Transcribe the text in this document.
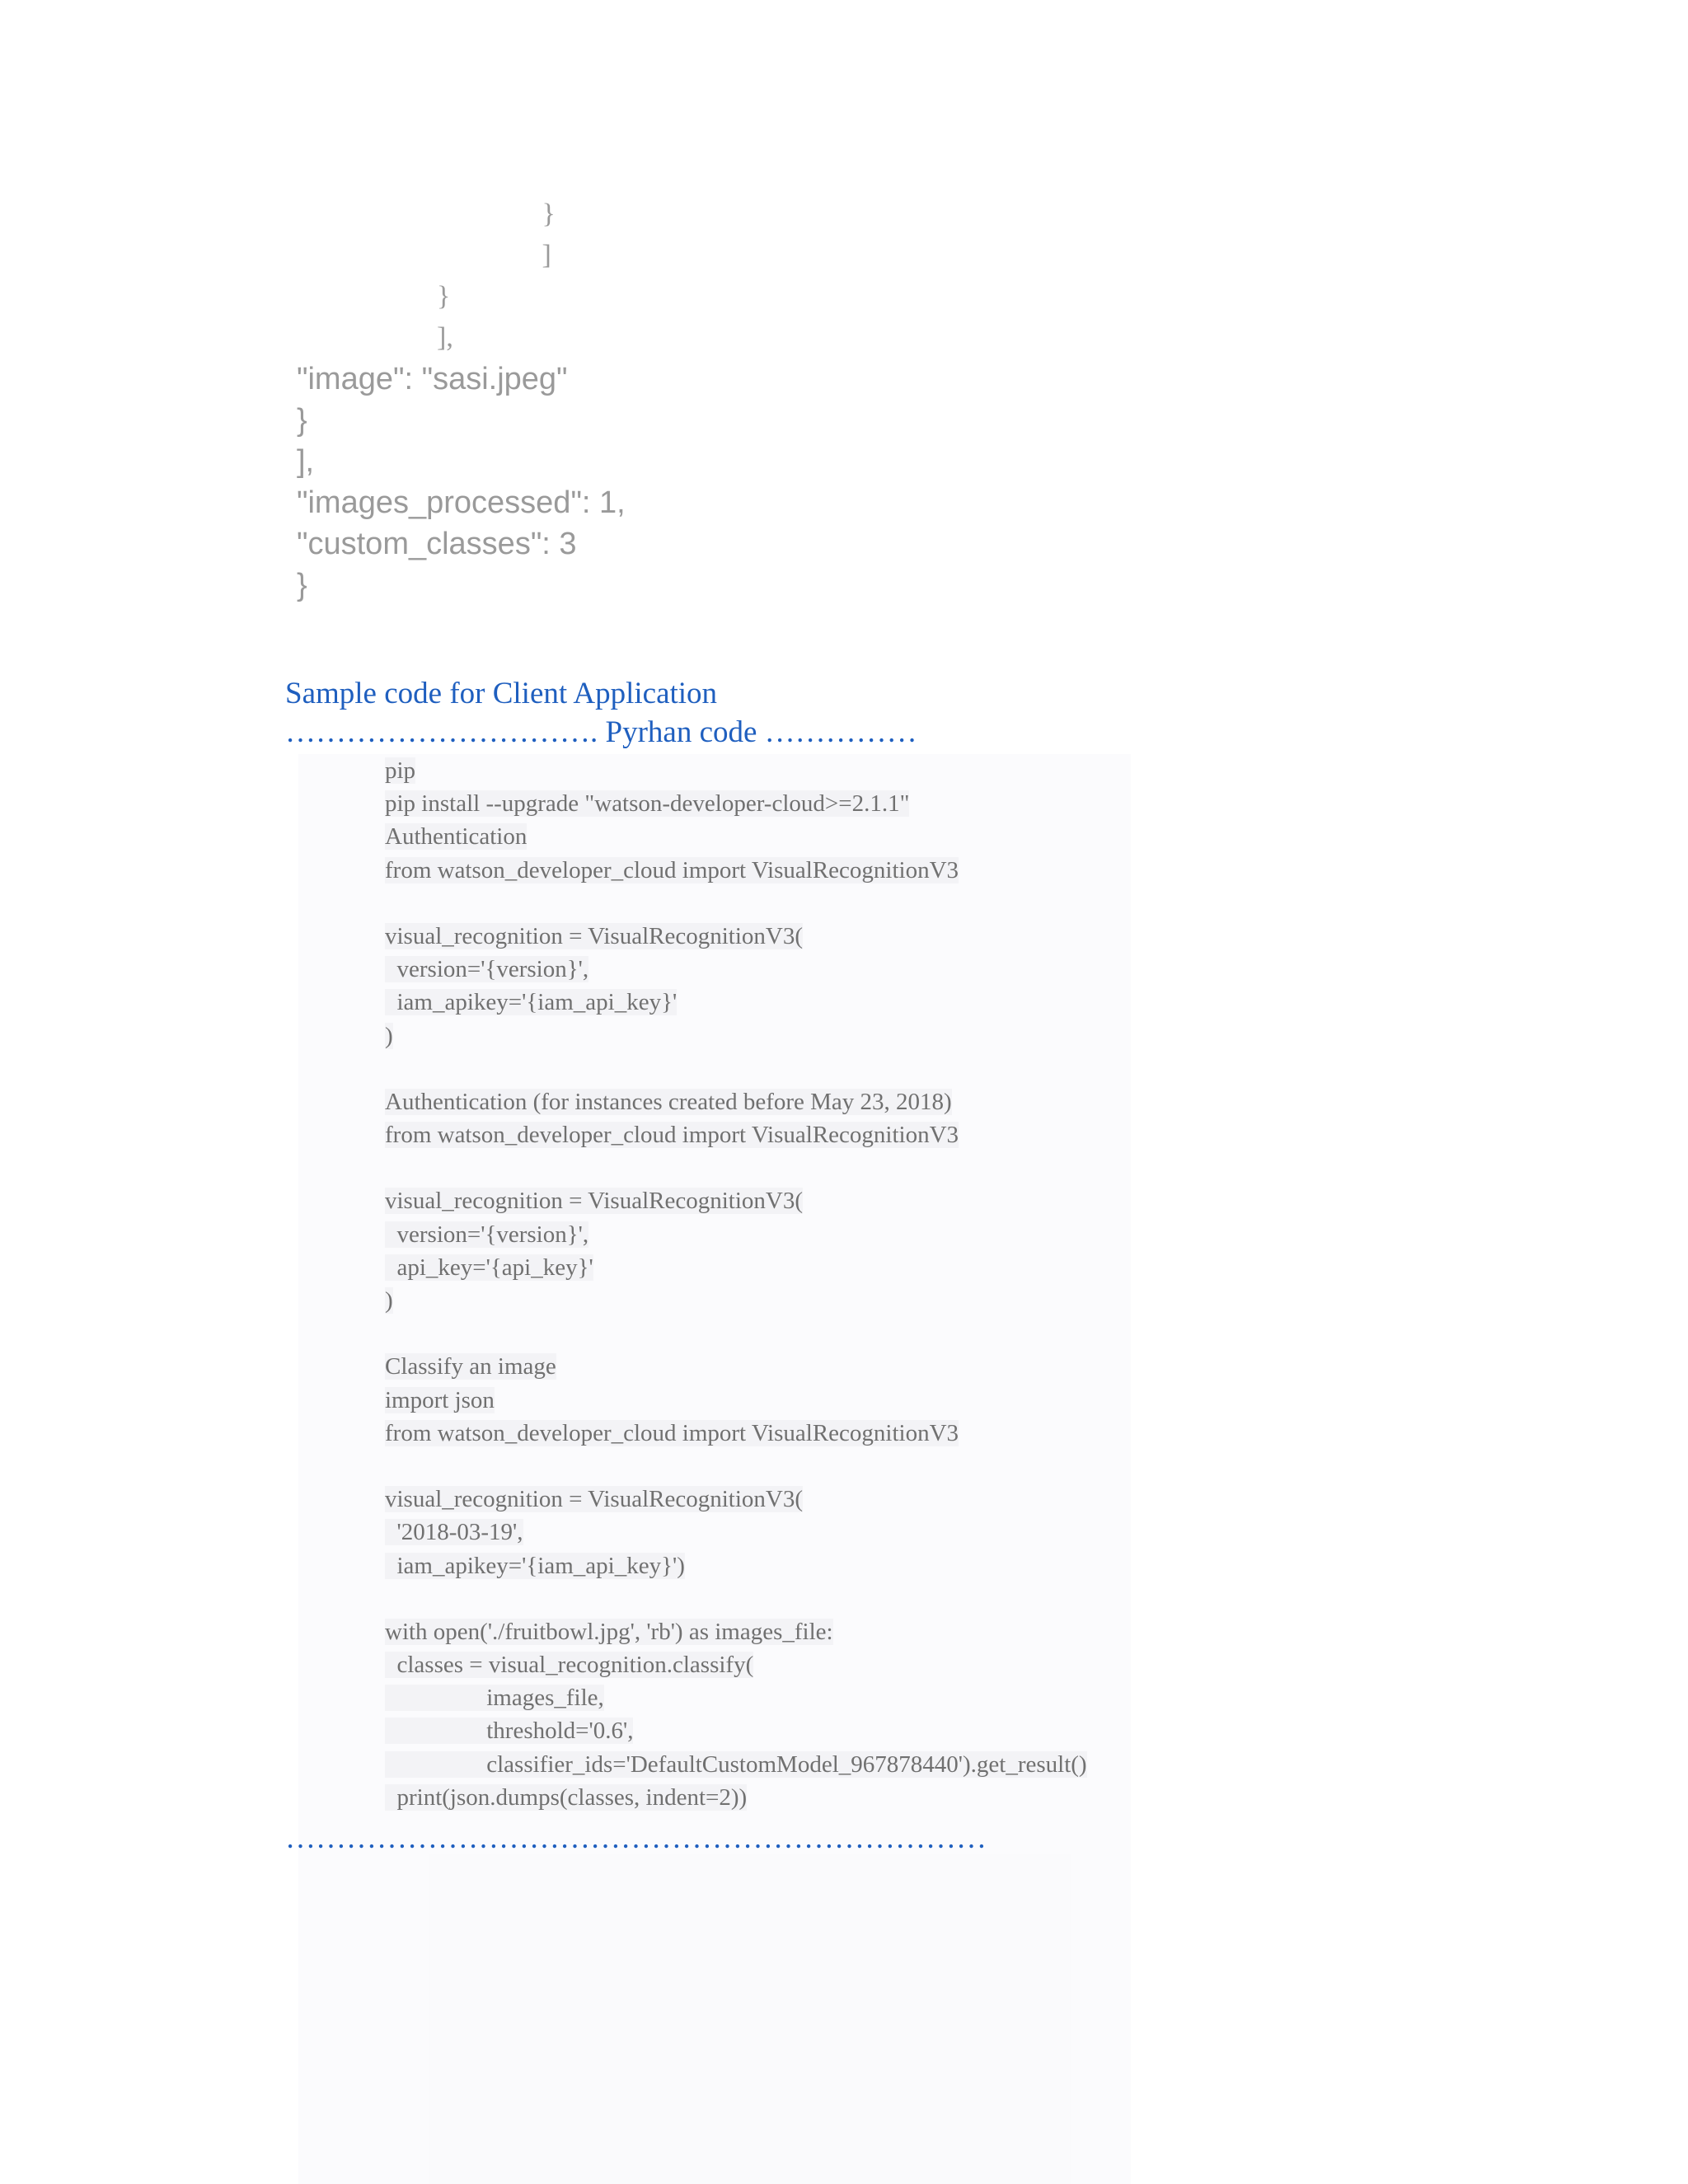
}
]
}
],
"image": "sasi.jpeg"
}
],
"images_processed": 1,
"custom_classes": 3
}
Sample code for Client Application
…………………………. Pyrhan code ……………
pip
pip install --upgrade "watson-developer-cloud>=2.1.1"
Authentication
from watson_developer_cloud import VisualRecognitionV3
visual_recognition = VisualRecognitionV3(
version='{version}',
iam_apikey='{iam_api_key}'
)
Authentication (for instances created before May 23, 2018)
from watson_developer_cloud import VisualRecognitionV3
visual_recognition = VisualRecognitionV3(
version='{version}',
api_key='{api_key}'
)
Classify an image
import json
from watson_developer_cloud import VisualRecognitionV3
visual_recognition = VisualRecognitionV3(
'2018-03-19',
iam_apikey='{iam_api_key}')
with open('./fruitbowl.jpg', 'rb') as images_file:
classes = visual_recognition.classify(
images_file,
threshold='0.6',
classifier_ids='DefaultCustomModel_967878440').get_result()
print(json.dumps(classes, indent=2))
……………………………………………………………
